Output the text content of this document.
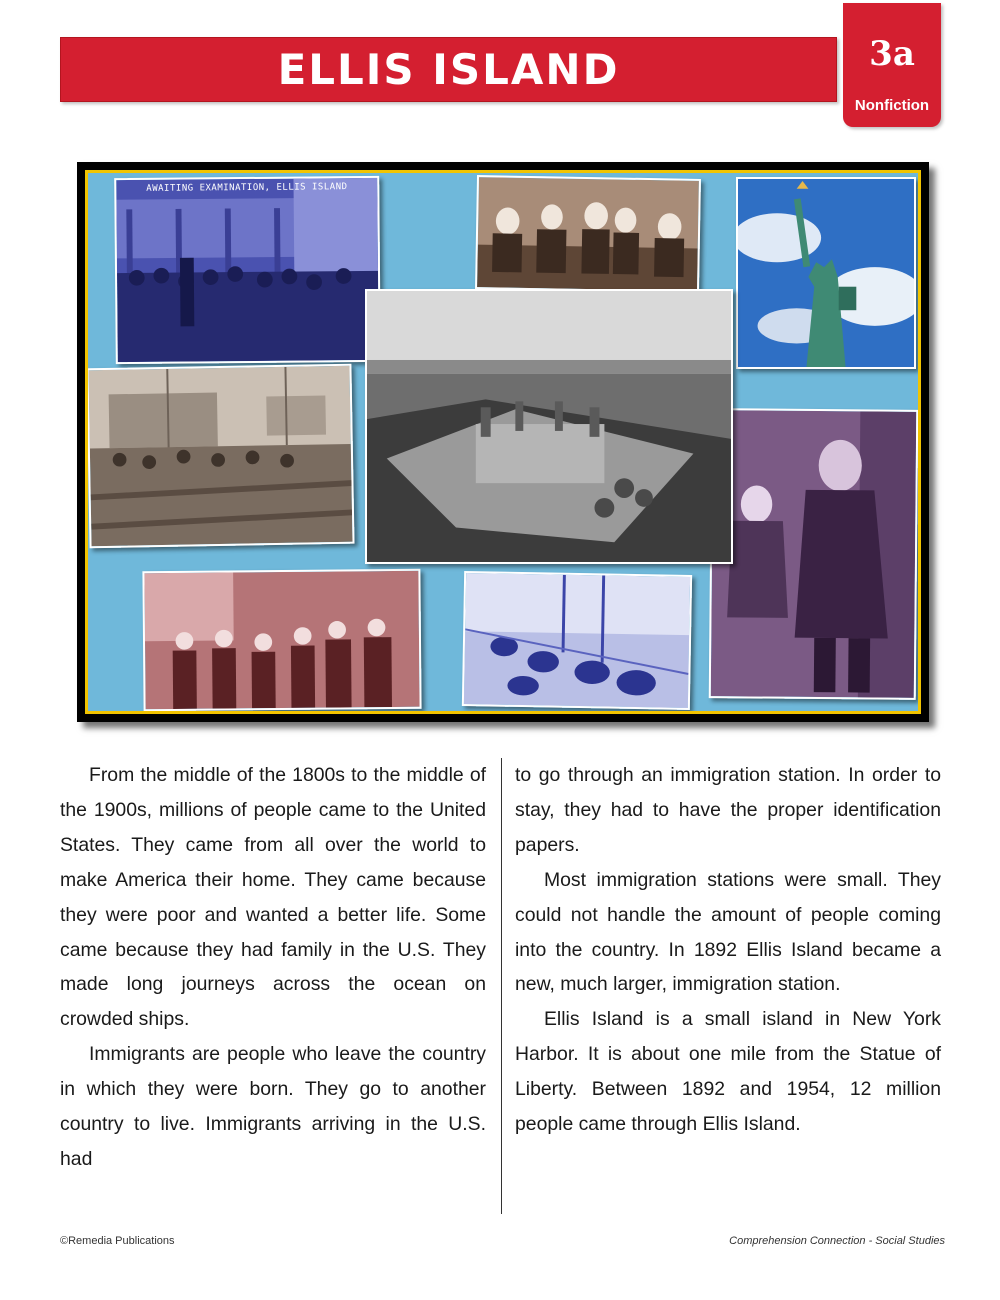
ELLIS ISLAND	3a
Nonfiction
AWAITING EXAMINATION, ELLIS ISLAND

From the middle of the 1800s to the middle of the 1900s, millions of people came to the United States. They came from all over the world to make America their home. They came because they were poor and wanted a better life. Some came because they had family in the U.S. They made long journeys across the ocean on crowded ships.

Immigrants are people who leave the country in which they were born. They go to another country to live. Immigrants arriving in the U.S. had

to go through an immigration station. In order to stay, they had to have the proper identification papers.

Most immigration stations were small. They could not handle the amount of people coming into the country. In 1892 Ellis Island became a new, much larger, immigration station.

Ellis Island is a small island in New York Harbor. It is about one mile from the Statue of Liberty. Between 1892 and 1954, 12 million people came through Ellis Island.

©Remedia Publications	Comprehension Connection - Social Studies
